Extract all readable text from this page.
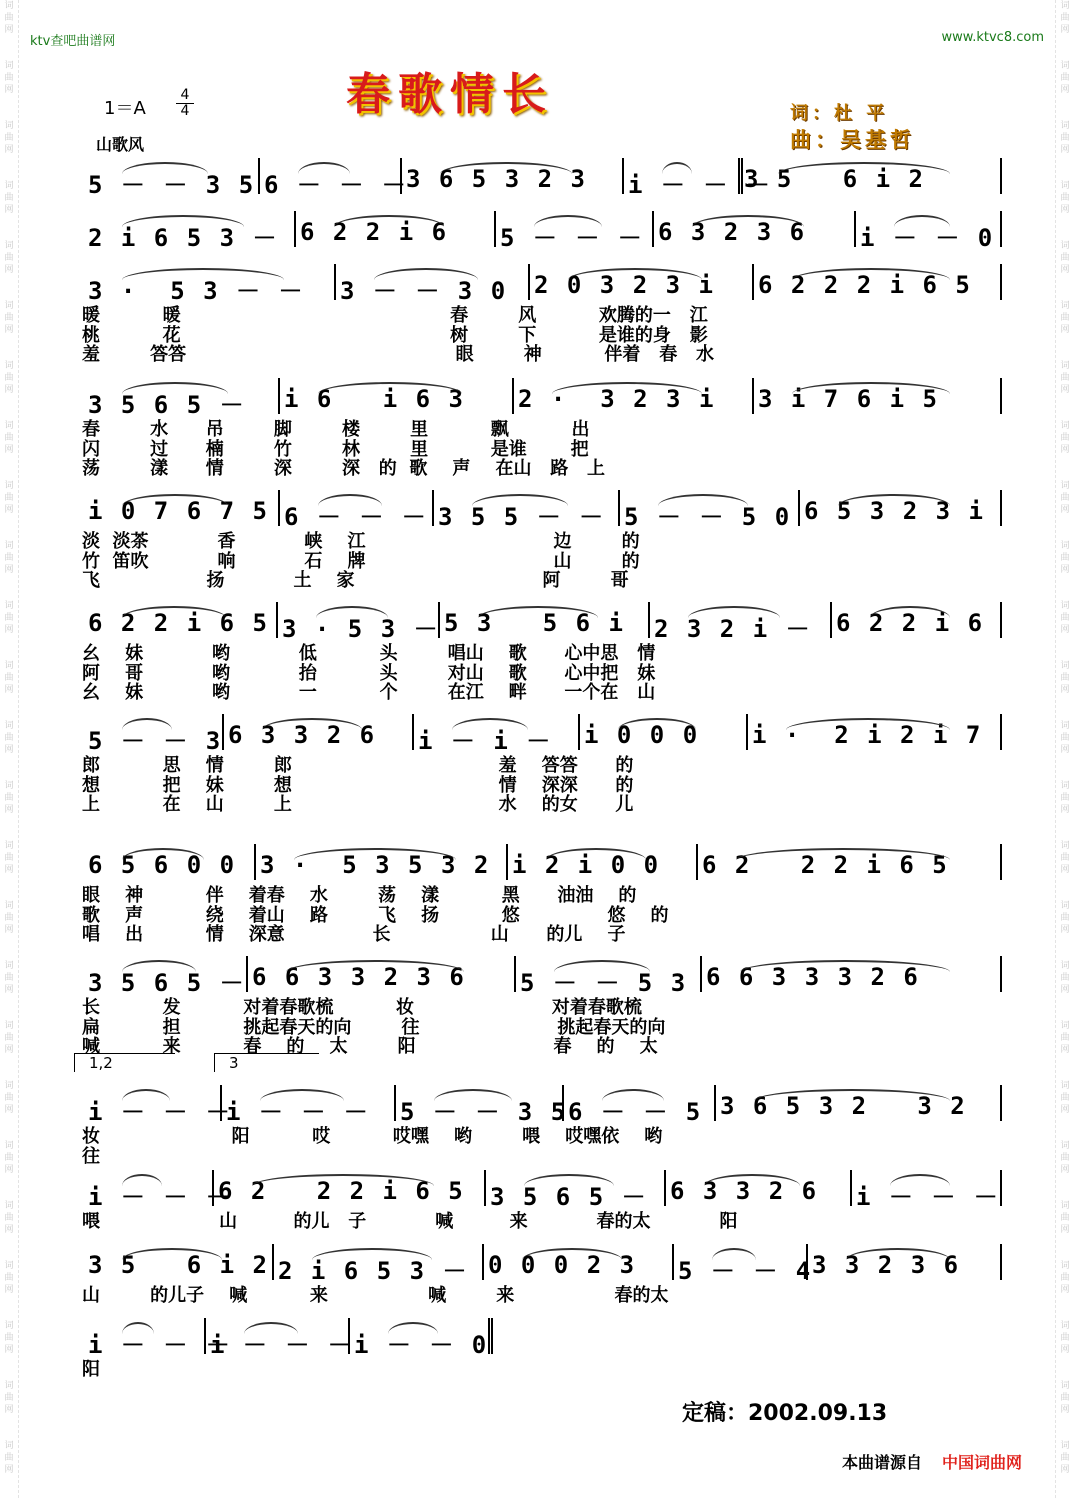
词
曲
网
词
曲
网
词
曲
网
词
曲
网
词
曲
网
词
曲
网
词
曲
网
词
曲
网
词
曲
网
词
曲
网
词
曲
网
词
曲
网
词
曲
网
词
曲
网
词
曲
网
词
曲
网
词
曲
网
词
曲
网
词
曲
网
词
曲
网
词
曲
网
词
曲
网
词
曲
网
词
曲
网
词
曲
网
词
曲
网
词
曲
网
词
曲
网
词
曲
网
词
曲
网
词
曲
网
词
曲
网
词
曲
网
词
曲
网
词
曲
网
词
曲
网
词
曲
网
词
曲
网
词
曲
网
词
曲
网
词
曲
网
词
曲
网
词
曲
网
词
曲
网
词
曲
网
词
曲
网
词
曲
网
词
曲
网
词
曲
网
词
曲
网
ktv查吧曲谱网	www.ktvc8.com
春歌情长
$1=A \frac{4}{4}$
山歌风
词：杜 平
曲：吴基哲
5 － － 3 5 6 － － －
3 6 5 3 2 3 i － － －
3 5   6 i 2
2 i 6 5 3 － 6 2 2 i 6 5 － － － 6 3 2 3 6 i － － 0
3 ·  5 3 － － 3 － － 3 0 2 0 3 2 3 i 6 2 2 2 i 6 5
暖          暖                                           春        风          欢腾的一   江
桃          花                                           树        下          是谁的身   影
羞        答答                                           眼        神          伴着   春   水
3 5 6 5 － i 6   i 6 3 2 ·  3 2 3 i 3 i 7 6 i 5
春        水      吊        脚        楼        里          飘          出
闪        过      楠        竹        林        里          是谁       把
荡        漾      情        深        深   的  歌    声    在山   路   上
i 0 7 6 7 5 6 － － － 3 5 5 － － 5 － － 5 0 6 5 3 2 3 i
淡  淡茶           香           峡    江                              边        的
竹  笛吹           响           石    牌                              山        的
飞                 扬           土    家                              阿        哥
6 2 2 i 6 5 3 · 5 3 － 5 3   5 6 i 2 3 2 i － 6 2 2 i 6
幺    妹           哟           低          头        唱山    歌      心中思   情
阿    哥           哟           抬          头        对山    歌      心中把   妹
幺    妹           哟           一          个        在江    畔      一个在   山
5 － － 3 6 3 3 2 6 i － i － i 0 0 0 i ·  2 i 2 i 7
郎          思    情        郎                                 羞    答答      的
想          把    妹        想                                 情    深深      的
上          在    山        上                                 水    的女      儿
6 5 6 0 0 3 ·  5 3 5 3 2 i 2 i 0 0 6 2   2 2 i 6 5
眼    神          伴    着春    水        荡    漾          黑      油油    的
歌    声          绕    着山    路        飞    扬          悠              悠    的
唱    出          情    深意              长                山      的儿    子
3 5 6 5 － 6 6 3 3 2 3 6 5 － － 5 3 6 6 3 3 3 2 6
长          发          对着春歌梳          妆                      对着春歌梳
扁          担          挑起春天的向        往                      挑起春天的向
喊          来          春    的    太        阳                      春    的    太
i － － －
i － － － 5 － － 3 5 6 － － 5 3 6 5 3 2   3 2
1,2	3
妆                     阳          哎          哎嘿    哟        喂    哎嘿依    哟
往
i － － －
6 2   2 2 i 6 5 3 5 6 5 － 6 3 3 2 6 i － － －
喂                   山         的儿   子           喊         来           春的太           阳
3 5   6 i 2 2 i 6 5 3 － 0 0 0 2 3 5 － － 4 3 3 2 3 6
山        的儿子    喊          来                喊        来                春的太
i － － －
i － － － i － － 0
阳
定稿：2002.09.13
本曲谱源自 中国词曲网
